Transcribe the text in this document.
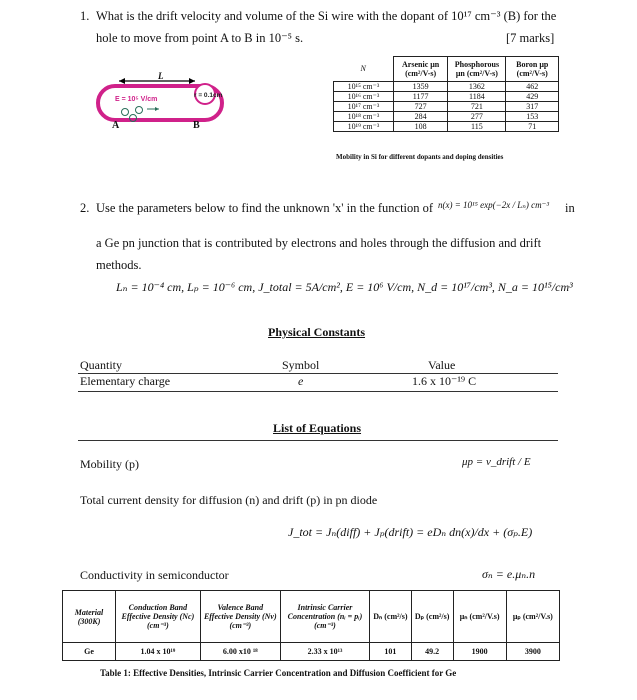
1. What is the drift velocity and volume of the Si wire with the dopant of 10¹⁷ cm⁻³ (B) for the
hole to move from point A to B in 10⁻⁵ s.	[7 marks]
E = 10⁵ V/cm
r = 0.1cm
L
A	B
N	Arsenic μn (cm²/V-s)	Phosphorous μn (cm²/V-s)	Boron μp (cm²/V-s)
10¹⁵ cm⁻³	1359	1362	462
10¹⁶ cm⁻³	1177	1184	429
10¹⁷ cm⁻³	727	721	317
10¹⁸ cm⁻³	284	277	153
10¹⁹ cm⁻³	108	115	71
Mobility in Si for different dopants and doping densities
2. Use the parameters below to find the unknown 'x' in the function of n(x) = 10¹⁵ exp(−2x / Lₙ) cm⁻³ in
a Ge pn junction that is contributed by electrons and holes through the diffusion and drift
methods.
Lₙ = 10⁻⁴ cm, Lₚ = 10⁻⁶ cm, J_total = 5A/cm², E = 10⁶ V/cm, N_d = 10¹⁷/cm³, N_a = 10¹⁵/cm³
Physical Constants
Quantity	Symbol	Value
Elementary charge	e	1.6 x 10⁻¹⁹ C
List of Equations
Mobility (p)	μp = v_drift / E
Total current density for diffusion (n) and drift (p) in pn diode
J_tot = Jₙ(diff) + Jₚ(drift) = eDₙ dn(x)/dx + (σₚ.E)
Conductivity in semiconductor	σₙ = e.μₙ.n
Material (300K)	Conduction Band Effective Density (Nc) (cm⁻³)	Valence Band Effective Density (Nv) (cm⁻³)	Intrinsic Carrier Concentration (nᵢ = pᵢ) (cm⁻³)	Dₙ (cm²/s)	Dₚ (cm²/s)	μₙ (cm²/V.s)	μₚ (cm²/V.s)
Ge	1.04 x 10¹⁹	6.00 x10 ¹⁸	2.33 x 10¹³	101	49.2	1900	3900
Table 1: Effective Densities, Intrinsic Carrier Concentration and Diffusion Coefficient for Ge
